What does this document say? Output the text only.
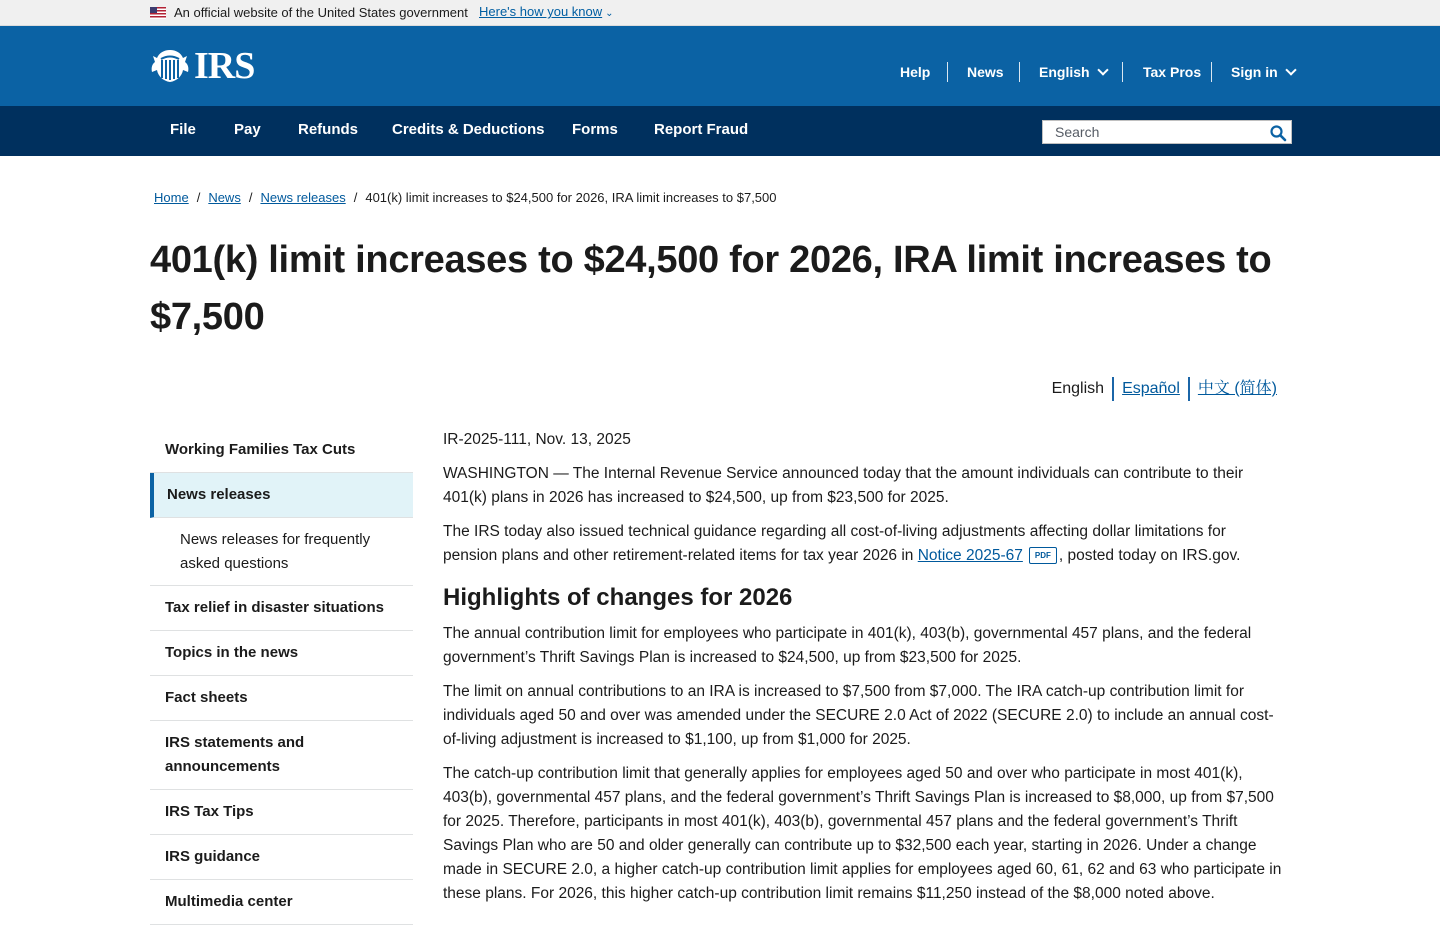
An official website of the United States government Here's how you know ⌄
IRS	Help	News	English	Tax Pros Sign in
File	Pay Refunds Credits & Deductions Forms Report Fraud
Search
Home / News / News releases / 401(k) limit increases to $24,500 for 2026, IRA limit increases to $7,500
401(k) limit increases to $24,500 for 2026, IRA limit increases to $7,500
English	Español	中文 (简体)
Working Families Tax Cuts
News releases
News releases for frequently asked questions
Tax relief in disaster situations
Topics in the news
Fact sheets
IRS statements and announcements
IRS Tax Tips
IRS guidance
Multimedia center

IR-2025-111, Nov. 13, 2025

WASHINGTON — The Internal Revenue Service announced today that the amount individuals can contribute to their 401(k) plans in 2026 has increased to $24,500, up from $23,500 for 2025.

The IRS today also issued technical guidance regarding all cost-of-living adjustments affecting dollar limitations for pension plans and other retirement-related items for tax year 2026 in Notice 2025-67 PDF , posted today on IRS.gov.

Highlights of changes for 2026

The annual contribution limit for employees who participate in 401(k), 403(b), governmental 457 plans, and the federal government’s Thrift Savings Plan is increased to $24,500, up from $23,500 for 2025.

The limit on annual contributions to an IRA is increased to $7,500 from $7,000. The IRA catch-up contribution limit for individuals aged 50 and over was amended under the SECURE 2.0 Act of 2022 (SECURE 2.0) to include an annual cost-of-living adjustment is increased to $1,100, up from $1,000 for 2025.

The catch-up contribution limit that generally applies for employees aged 50 and over who participate in most 401(k), 403(b), governmental 457 plans, and the federal government’s Thrift Savings Plan is increased to $8,000, up from $7,500 for 2025. Therefore, participants in most 401(k), 403(b), governmental 457 plans and the federal government’s Thrift Savings Plan who are 50 and older generally can contribute up to $32,500 each year, starting in 2026. Under a change made in SECURE 2.0, a higher catch-up contribution limit applies for employees aged 60, 61, 62 and 63 who participate in these plans. For 2026, this higher catch-up contribution limit remains $11,250 instead of the $8,000 noted above.
